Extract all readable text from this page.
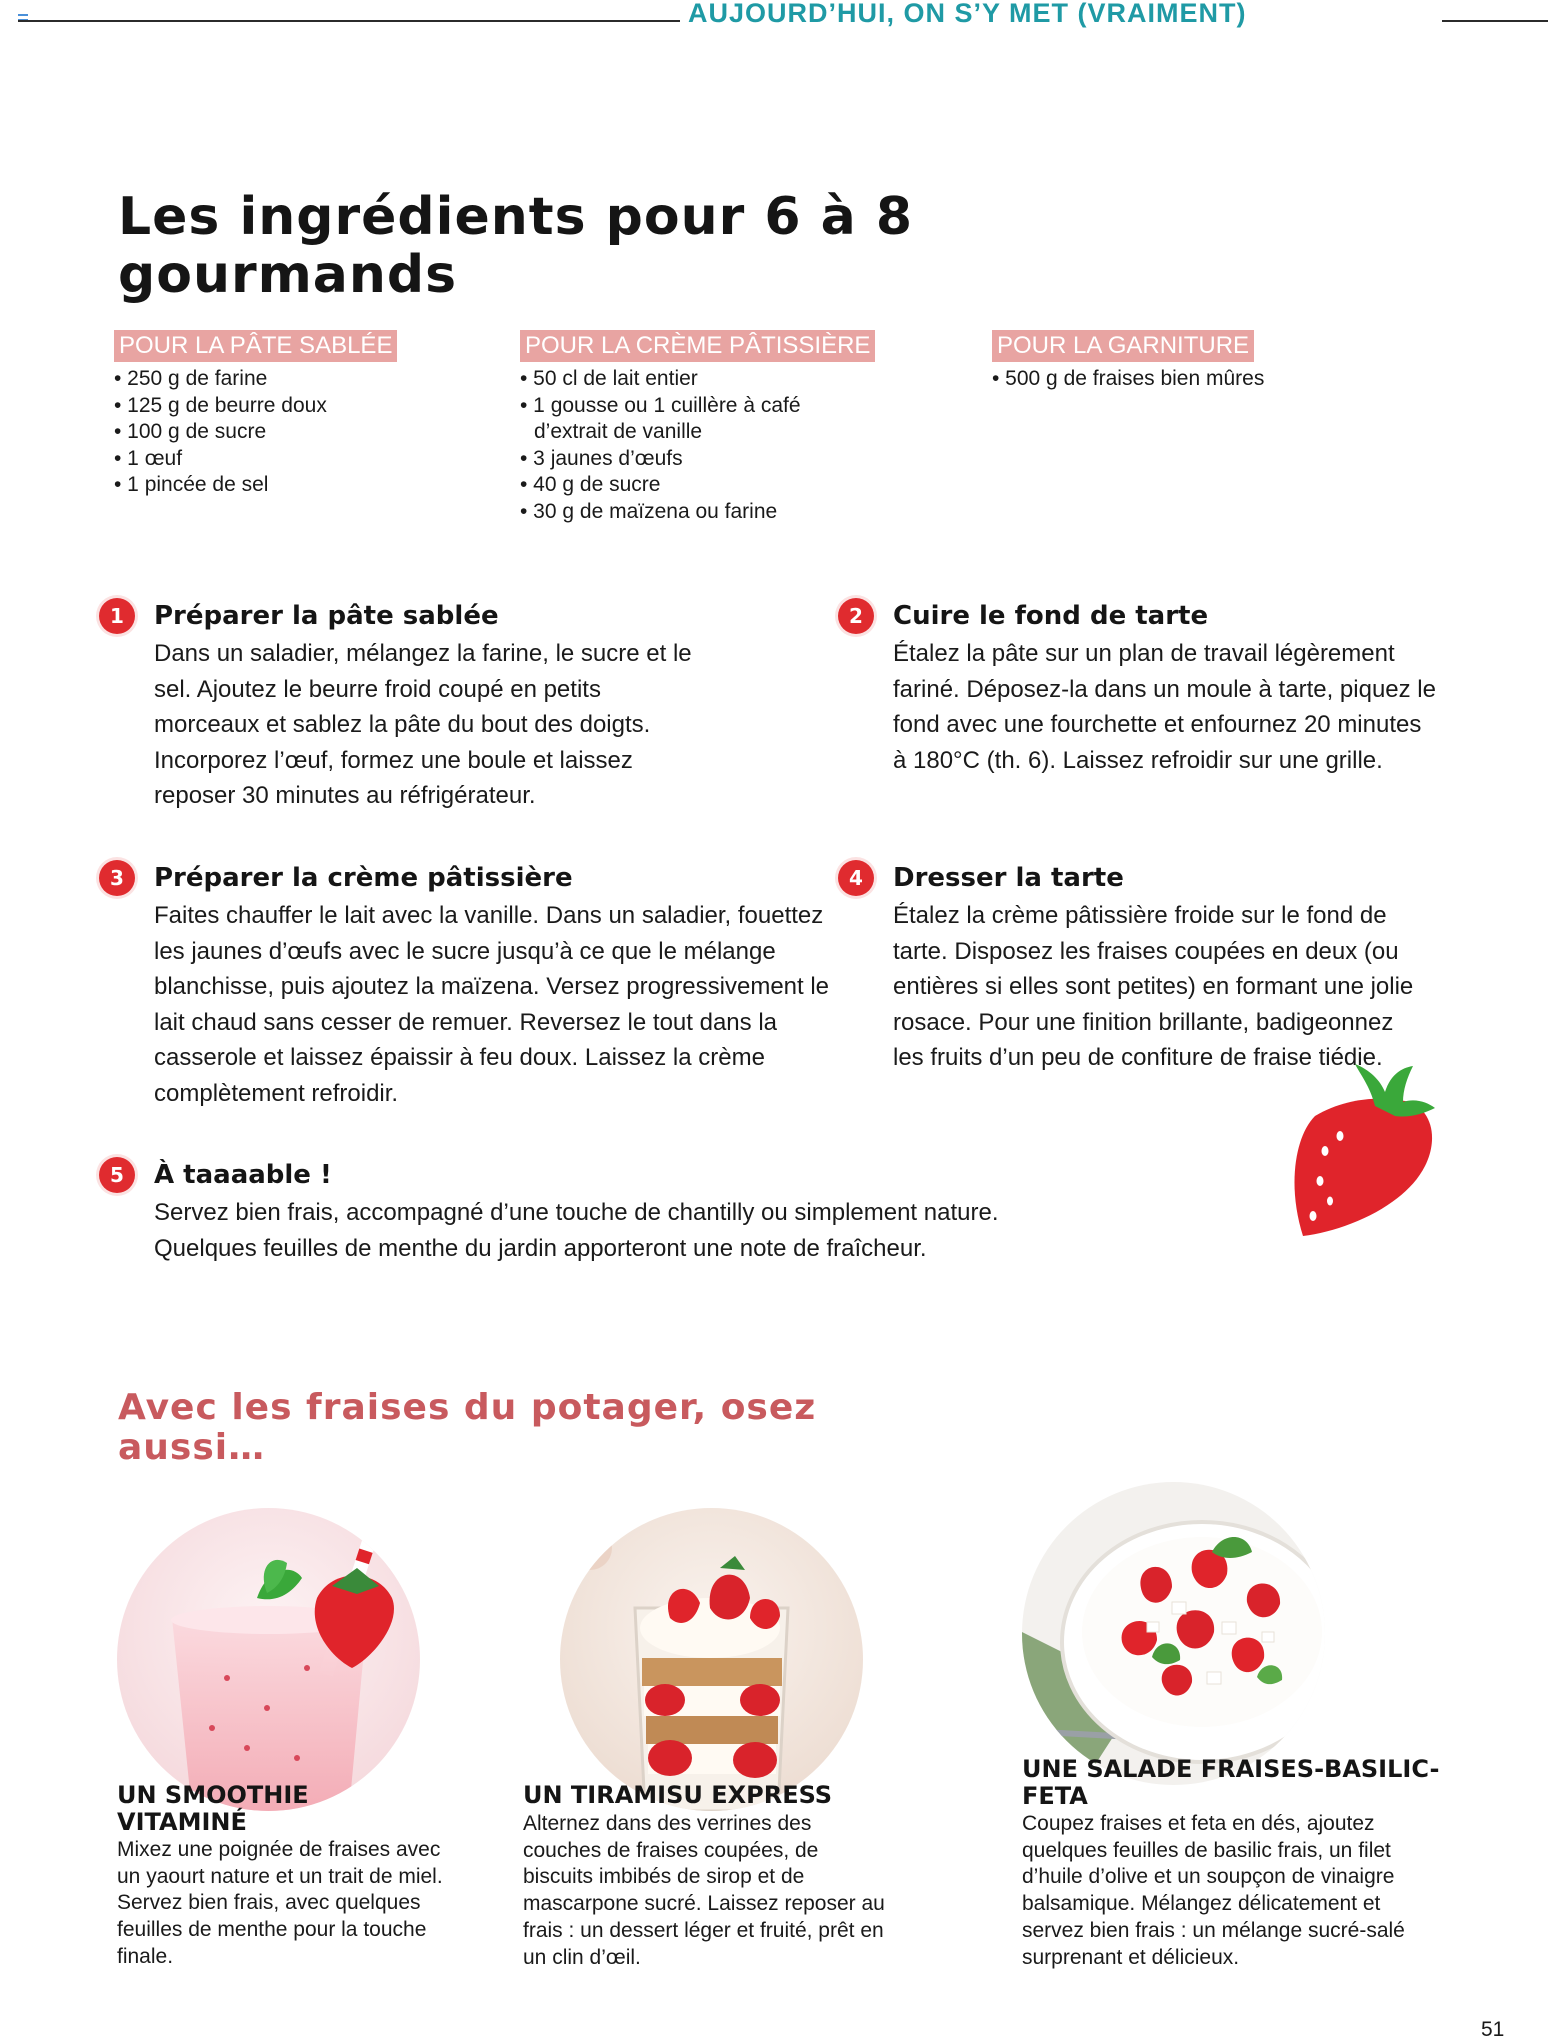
AUJOURD’HUI, ON S’Y MET (VRAIMENT)
Les ingrédients pour 6 à 8 gourmands
POUR LA PÂTE SABLÉE
• 250 g de farine
• 125 g de beurre doux
• 100 g de sucre
• 1 œuf
• 1 pincée de sel
POUR LA CRÈME PÂTISSIÈRE
• 50 cl de lait entier
• 1 gousse ou 1 cuillère à café d’extrait de vanille
• 3 jaunes d’œufs
• 40 g de sucre
• 30 g de maïzena ou farine
POUR LA GARNITURE
• 500 g de fraises bien mûres
1	Préparer la pâte sablée

Dans un saladier, mélangez la farine, le sucre et le sel. Ajoutez le beurre froid coupé en petits morceaux et sablez la pâte du bout des doigts. Incorporez l’œuf, formez une boule et laissez reposer 30 minutes au réfrigérateur.

2	Cuire le fond de tarte

Étalez la pâte sur un plan de travail légèrement fariné. Déposez-la dans un moule à tarte, piquez le fond avec une fourchette et enfournez 20 minutes à 180°C (th. 6). Laissez refroidir sur une grille.

3	Préparer la crème pâtissière

Faites chauffer le lait avec la vanille. Dans un saladier, fouettez les jaunes d’œufs avec le sucre jusqu’à ce que le mélange blanchisse, puis ajoutez la maïzena. Versez progressivement le lait chaud sans cesser de remuer. Reversez le tout dans la casserole et laissez épaissir à feu doux. Laissez la crème complètement refroidir.

4	Dresser la tarte

Étalez la crème pâtissière froide sur le fond de tarte. Disposez les fraises coupées en deux (ou entières si elles sont petites) en formant une jolie rosace. Pour une finition brillante, badigeonnez les fruits d’un peu de confiture de fraise tiédie.

5	À taaaable !

Servez bien frais, accompagné d’une touche de chantilly ou simplement nature. Quelques feuilles de menthe du jardin apporteront une note de fraîcheur.

Avec les fraises du potager, osez aussi…
UN SMOOTHIE VITAMINÉ

Mixez une poignée de fraises avec un yaourt nature et un trait de miel. Servez bien frais, avec quelques feuilles de menthe pour la touche finale.

UN TIRAMISU EXPRESS

Alternez dans des verrines des couches de fraises coupées, de biscuits imbibés de sirop et de mascarpone sucré. Laissez reposer au frais : un dessert léger et fruité, prêt en un clin d’œil.

UNE SALADE FRAISES-BASILIC-FETA

Coupez fraises et feta en dés, ajoutez quelques feuilles de basilic frais, un filet d’huile d’olive et un soupçon de vinaigre balsamique. Mélangez délicatement et servez bien frais : un mélange sucré-salé surprenant et délicieux.

51
